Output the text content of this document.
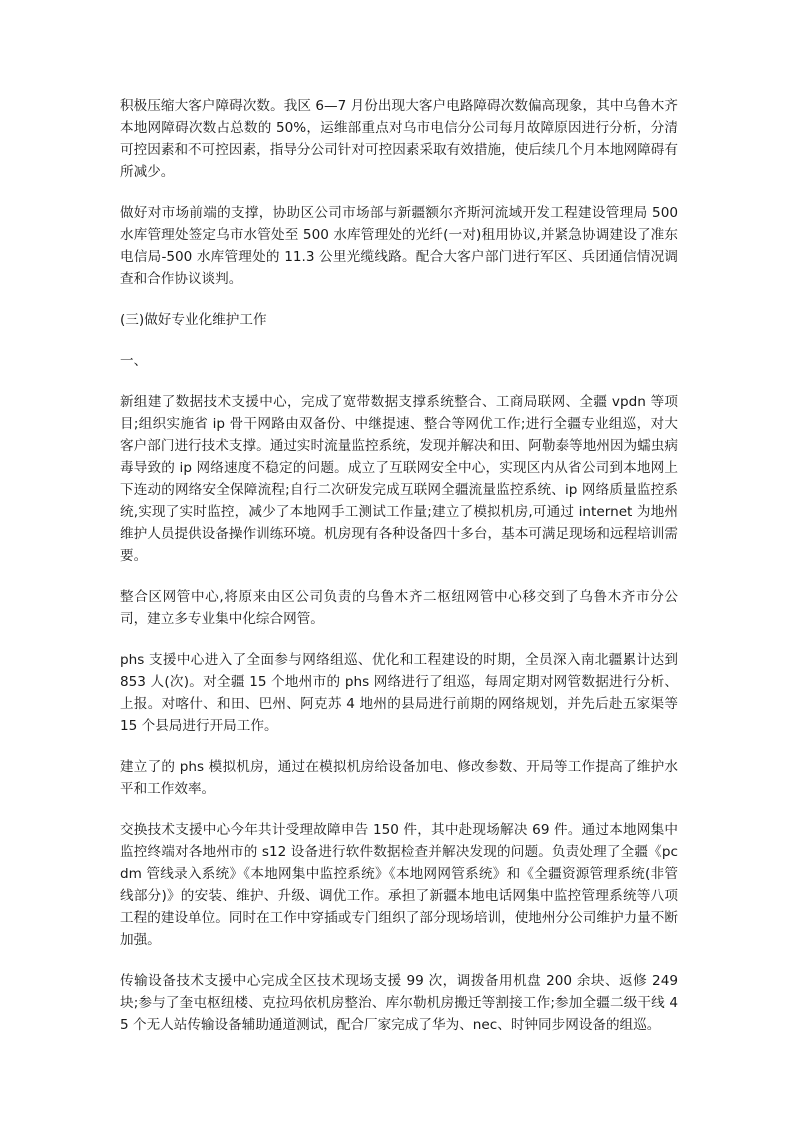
积极压缩大客户障碍次数。我区 6—7 月份出现大客户电路障碍次数偏高现象，其中乌鲁木齐本地网障碍次数占总数的 50%，运维部重点对乌市电信分公司每月故障原因进行分析，分清可控因素和不可控因素，指导分公司针对可控因素采取有效措施，使后续几个月本地网障碍有所减少。

做好对市场前端的支撑，协助区公司市场部与新疆额尔齐斯河流域开发工程建设管理局 500 水库管理处签定乌市水管处至 500 水库管理处的光纤(一对)租用协议,并紧急协调建设了准东电信局-500 水库管理处的 11.3 公里光缆线路。配合大客户部门进行军区、兵团通信情况调查和合作协议谈判。

(三)做好专业化维护工作

一、

新组建了数据技术支援中心，完成了宽带数据支撑系统整合、工商局联网、全疆 vpdn 等项目;组织实施省 ip 骨干网路由双备份、中继提速、整合等网优工作;进行全疆专业组巡，对大客户部门进行技术支撑。通过实时流量监控系统，发现并解决和田、阿勒泰等地州因为蠕虫病毒导致的 ip 网络速度不稳定的问题。成立了互联网安全中心，实现区内从省公司到本地网上下连动的网络安全保障流程;自行二次研发完成互联网全疆流量监控系统、ip 网络质量监控系统,实现了实时监控，减少了本地网手工测试工作量;建立了模拟机房,可通过 internet 为地州维护人员提供设备操作训练环境。机房现有各种设备四十多台，基本可满足现场和远程培训需要。

整合区网管中心,将原来由区公司负责的乌鲁木齐二枢纽网管中心移交到了乌鲁木齐市分公司，建立多专业集中化综合网管。

phs 支援中心进入了全面参与网络组巡、优化和工程建设的时期，全员深入南北疆累计达到 853 人(次)。对全疆 15 个地州市的 phs 网络进行了组巡，每周定期对网管数据进行分析、上报。对喀什、和田、巴州、阿克苏 4 地州的县局进行前期的网络规划，并先后赴五家渠等 15 个县局进行开局工作。

建立了的 phs 模拟机房，通过在模拟机房给设备加电、修改参数、开局等工作提高了维护水平和工作效率。

交换技术支援中心今年共计受理故障申告 150 件，其中赴现场解决 69 件。通过本地网集中监控终端对各地州市的 s12 设备进行软件数据检查并解决发现的问题。负责处理了全疆《pcdm 管线录入系统》《本地网集中监控系统》《本地网网管系统》和《全疆资源管理系统(非管线部分)》的安装、维护、升级、调优工作。承担了新疆本地电话网集中监控管理系统等八项工程的建设单位。同时在工作中穿插或专门组织了部分现场培训，使地州分公司维护力量不断加强。

传输设备技术支援中心完成全区技术现场支援 99 次，调拨备用机盘 200 余块、返修 249 块;参与了奎屯枢纽楼、克拉玛依机房整治、库尔勒机房搬迁等割接工作;参加全疆二级干线 45 个无人站传输设备辅助通道测试，配合厂家完成了华为、nec、时钟同步网设备的组巡。
